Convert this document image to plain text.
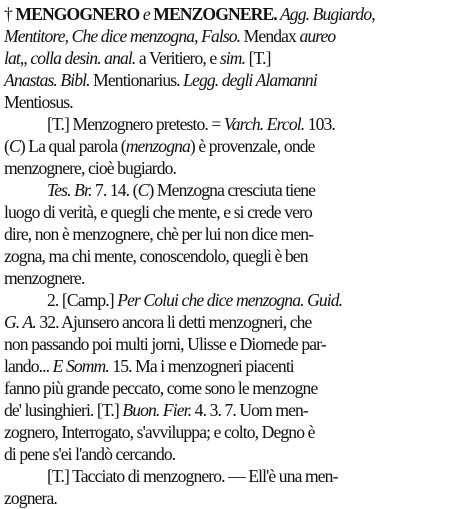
† MENGOGNERO e MENZOGNERE. Agg. Bugiardo,
Mentitore, Che dice menzogna, Falso. Mendax aureo
lat,, colla desin. anal. a Veritiero, e sim. [T.]
Anastas. Bibl. Mentionarius. Legg. degli Alamanni
Mentiosus.
[T.] Menzognero pretesto. = Varch. Ercol. 103.
(C) La qual parola (menzogna) è provenzale, onde
menzognere, cioè bugiardo.
Tes. Br. 7. 14. (C) Menzogna cresciuta tiene
luogo di verità, e quegli che mente, e si crede vero
dire, non è menzognere, chè per lui non dice men-
zogna, ma chi mente, conoscendolo, quegli è ben
menzognere.
2. [Camp.] Per Colui che dice menzogna. Guid.
G. A. 32. Ajunsero ancora li detti menzogneri, che
non passando poi multi jorni, Ulisse e Diomede par-
lando... E Somm. 15. Ma i menzogneri piacenti
fanno più grande peccato, come sono le menzogne
de' lusinghieri. [T.] Buon. Fier. 4. 3. 7. Uom men-
zognero, Interrogato, s'avviluppa; e colto, Degno è
di pene s'ei l'andò cercando.
[T.] Tacciato di menzognero. — Ell'è una men-
zognera.
